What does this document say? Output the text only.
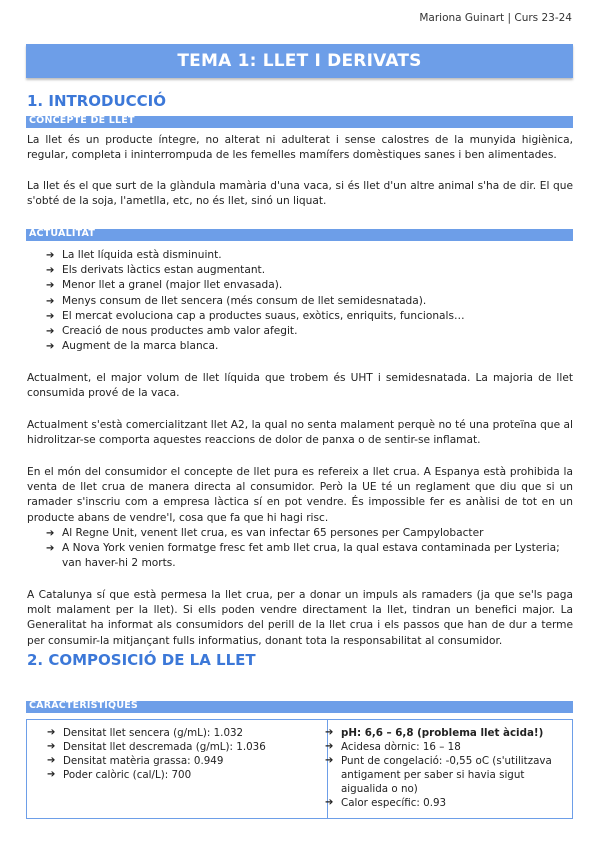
Mariona Guinart | Curs 23-24
TEMA 1: LLET I DERIVATS
1. INTRODUCCIÓ
CONCEPTE DE LLET
La llet és un producte íntegre, no alterat ni adulterat i sense calostres de la munyida higiènica, regular, completa i ininterrompuda de les femelles mamífers domèstiques sanes i ben alimentades.
La llet és el que surt de la glàndula mamària d'una vaca, si és llet d'un altre animal s'ha de dir. El que s'obté de la soja, l'ametlla, etc, no és llet, sinó un liquat.
ACTUALITAT
➔ La llet líquida està disminuint.
➔ Els derivats làctics estan augmentant.
➔ Menor llet a granel (major llet envasada).
➔ Menys consum de llet sencera (més consum de llet semidesnatada).
➔ El mercat evoluciona cap a productes suaus, exòtics, enriquits, funcionals…
➔ Creació de nous productes amb valor afegit.
➔ Augment de la marca blanca.
Actualment, el major volum de llet líquida que trobem és UHT i semidesnatada. La majoria de llet consumida prové de la vaca.
Actualment s'està comercialitzant llet A2, la qual no senta malament perquè no té una proteïna que al hidrolitzar-se comporta aquestes reaccions de dolor de panxa o de sentir-se inflamat.
En el món del consumidor el concepte de llet pura es refereix a llet crua. A Espanya està prohibida la venta de llet crua de manera directa al consumidor. Però la UE té un reglament que diu que si un ramader s'inscriu com a empresa làctica sí en pot vendre. És impossible fer es anàlisi de tot en un producte abans de vendre'l, cosa que fa que hi hagi risc.
➔ Al Regne Unit, venent llet crua, es van infectar 65 persones per Campylobacter
➔ A Nova York venien formatge fresc fet amb llet crua, la qual estava contaminada per Lysteria; van haver-hi 2 morts.
A Catalunya sí que està permesa la llet crua, per a donar un impuls als ramaders (ja que se'ls paga molt malament per la llet). Si ells poden vendre directament la llet, tindran un benefici major. La Generalitat ha informat als consumidors del perill de la llet crua i els passos que han de dur a terme per consumir-la mitjançant fulls informatius, donant tota la responsabilitat al consumidor.
2. COMPOSICIÓ DE LA LLET
CARACTERÍSTIQUES
➔ Densitat llet sencera (g/mL): 1.032
➔ Densitat llet descremada (g/mL): 1.036
➔ Densitat matèria grassa: 0.949
➔ Poder calòric (cal/L): 700
➔ pH: 6,6 – 6,8 (problema llet àcida!)
➔ Acidesa dòrnic: 16 – 18
➔ Punt de congelació: -0,55 oC (s'utilitzava antigament per saber si havia sigut aigualida o no)
➔ Calor específic: 0.93
